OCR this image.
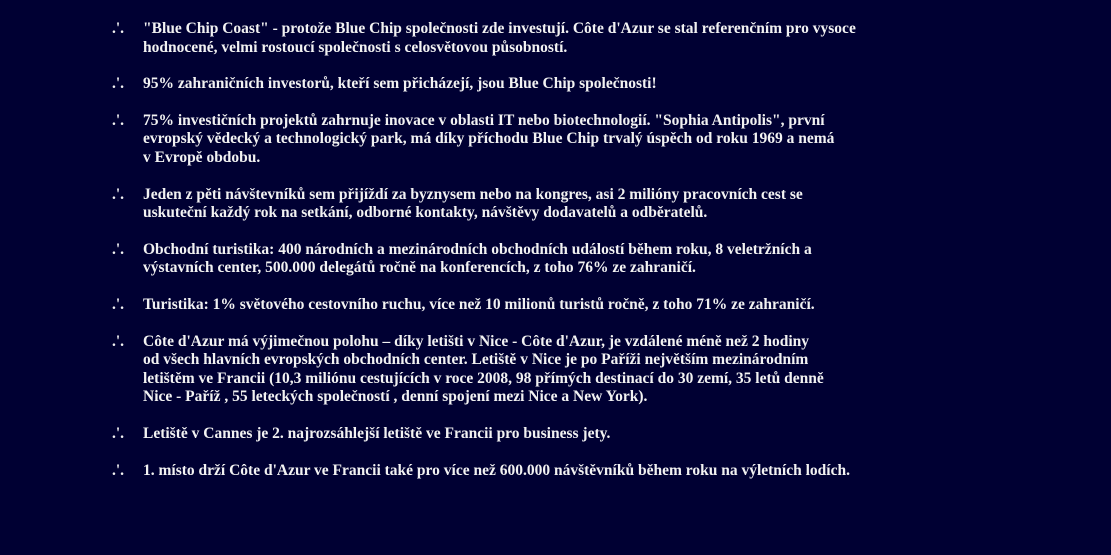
.'.	"Blue Chip Coast" - protože Blue Chip společnosti zde investují. Côte d'Azur se stal referenčním pro vysoce
hodnocené, velmi rostoucí společnosti s celosvětovou působností.
.'.	95% zahraničních investorů, kteří sem přicházejí, jsou Blue Chip společnosti!
.'.	75% investičních projektů zahrnuje inovace v oblasti IT nebo biotechnologií. "Sophia Antipolis", první
evropský vědecký a technologický park, má díky příchodu Blue Chip trvalý úspěch od roku 1969 a nemá
v Evropě obdobu.
.'.	Jeden z pěti návštevníků sem přijíždí za byznysem nebo na kongres, asi 2 milióny pracovních cest se
uskuteční každý rok na setkání, odborné kontakty, návštěvy dodavatelů a odběratelů.
.'.	Obchodní turistika: 400 národních a mezinárodních obchodních událostí během roku, 8 veletržních a
výstavních center, 500.000 delegátů ročně na konferencích, z toho 76% ze zahraničí.
.'.	Turistika: 1% světového cestovního ruchu, více než 10 milionů turistů ročně, z toho 71% ze zahraničí.
.'.	Côte d'Azur má výjimečnou polohu – díky letišti v Nice - Côte d'Azur, je vzdálené méně než 2 hodiny
od všech hlavních evropských obchodních center. Letiště v Nice je po Paříži největším mezinárodním
letištěm ve Francii (10,3 miliónu cestujících v roce 2008, 98 přímých destinací do 30 zemí, 35 letů denně
Nice - Paříž , 55 leteckých společností , denní spojení mezi Nice a New York).
.'.	Letiště v Cannes je 2. najrozsáhlejší letiště ve Francii pro business jety.
.'.	1. místo drží Côte d'Azur ve Francii také pro více než 600.000 návštěvníků během roku na výletních lodích.
